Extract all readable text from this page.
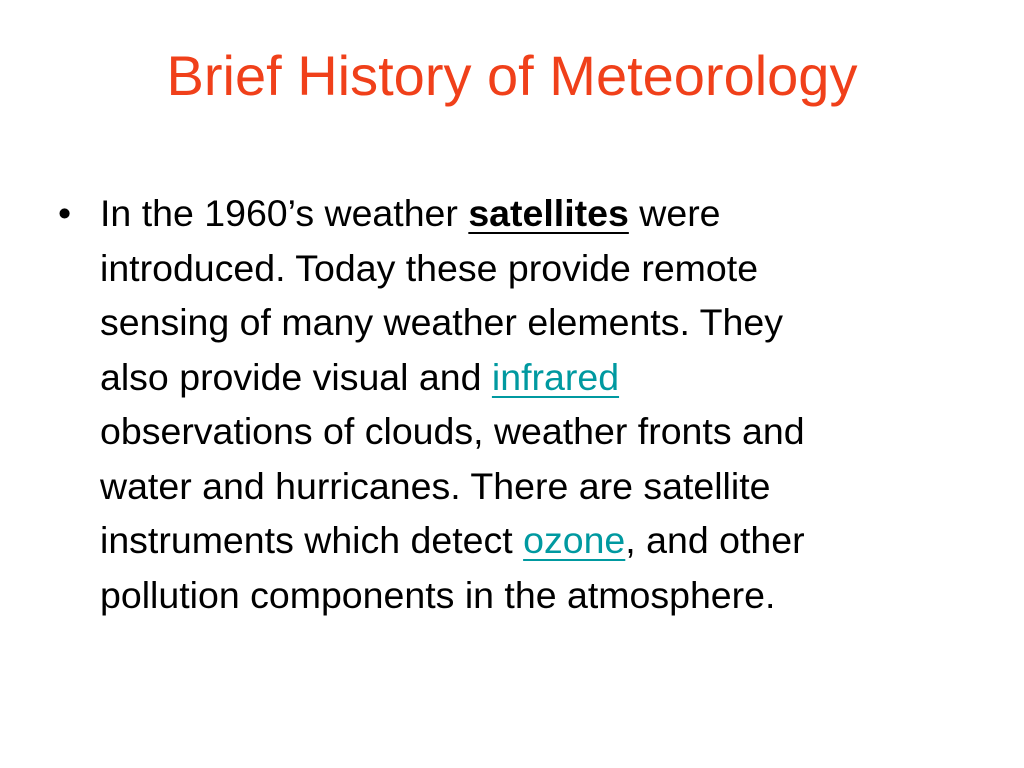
Brief History of Meteorology
• In the 1960’s weather satellites were
introduced. Today these provide remote
sensing of many weather elements. They
also provide visual and infrared
observations of clouds, weather fronts and
water and hurricanes. There are satellite
instruments which detect ozone, and other
pollution components in the atmosphere.
